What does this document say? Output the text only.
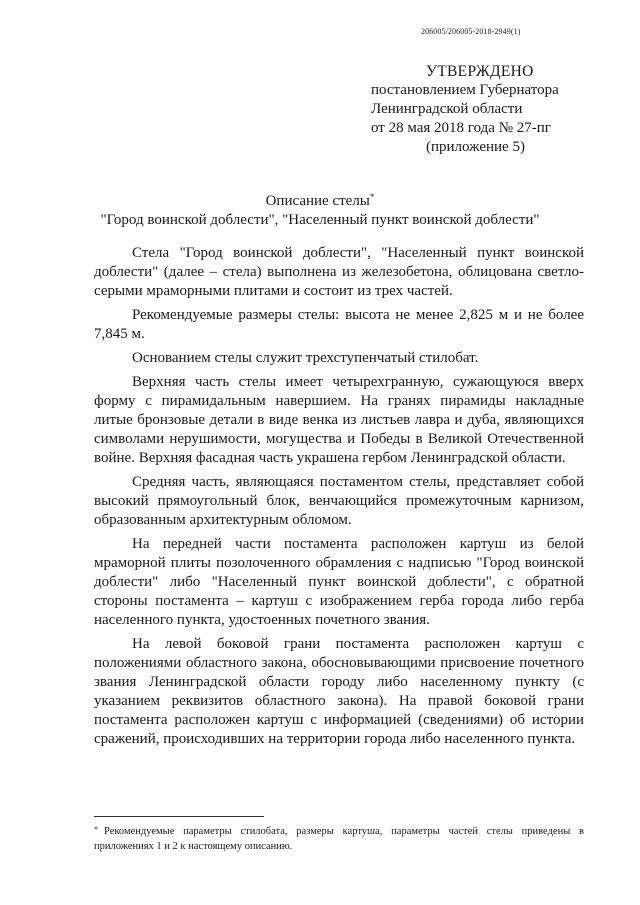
206005/206005-2018-2949(1)
УТВЕРЖДЕНО
постановлением Губернатора
Ленинградской области
от 28 мая 2018 года № 27-пг
(приложение 5)
Описание стелы*
"Город воинской доблести", "Населенный пункт воинской доблести"

Стела "Город воинской доблести", "Населенный пункт воинской доблести" (далее – стела) выполнена из железобетона, облицована светло-серыми мраморными плитами и состоит из трех частей.

Рекомендуемые размеры стелы: высота не менее 2,825 м и не более 7,845 м.

Основанием стелы служит трехступенчатый стилобат.

Верхняя часть стелы имеет четырехгранную, сужающуюся вверх форму с пирамидальным навершием. На гранях пирамиды накладные литые бронзовые детали в виде венка из листьев лавра и дуба, являющихся символами нерушимости, могущества и Победы в Великой Отечественной войне. Верхняя фасадная часть украшена гербом Ленинградской области.

Средняя часть, являющаяся постаментом стелы, представляет собой высокий прямоугольный блок, венчающийся промежуточным карнизом, образованным архитектурным обломом.

На передней части постамента расположен картуш из белой мраморной плиты позолоченного обрамления с надписью "Город воинской доблести" либо "Населенный пункт воинской доблести", с обратной стороны постамента – картуш с изображением герба города либо герба населенного пункта, удостоенных почетного звания.

На левой боковой грани постамента расположен картуш с положениями областного закона, обосновывающими присвоение почетного звания Ленинградской области городу либо населенному пункту (с указанием реквизитов областного закона). На правой боковой грани постамента расположен картуш с информацией (сведениями) об истории сражений, происходивших на территории города либо населенного пункта.

* Рекомендуемые параметры стилобата, размеры картуша, параметры частей стелы приведены в приложениях 1 и 2 к настоящему описанию.
